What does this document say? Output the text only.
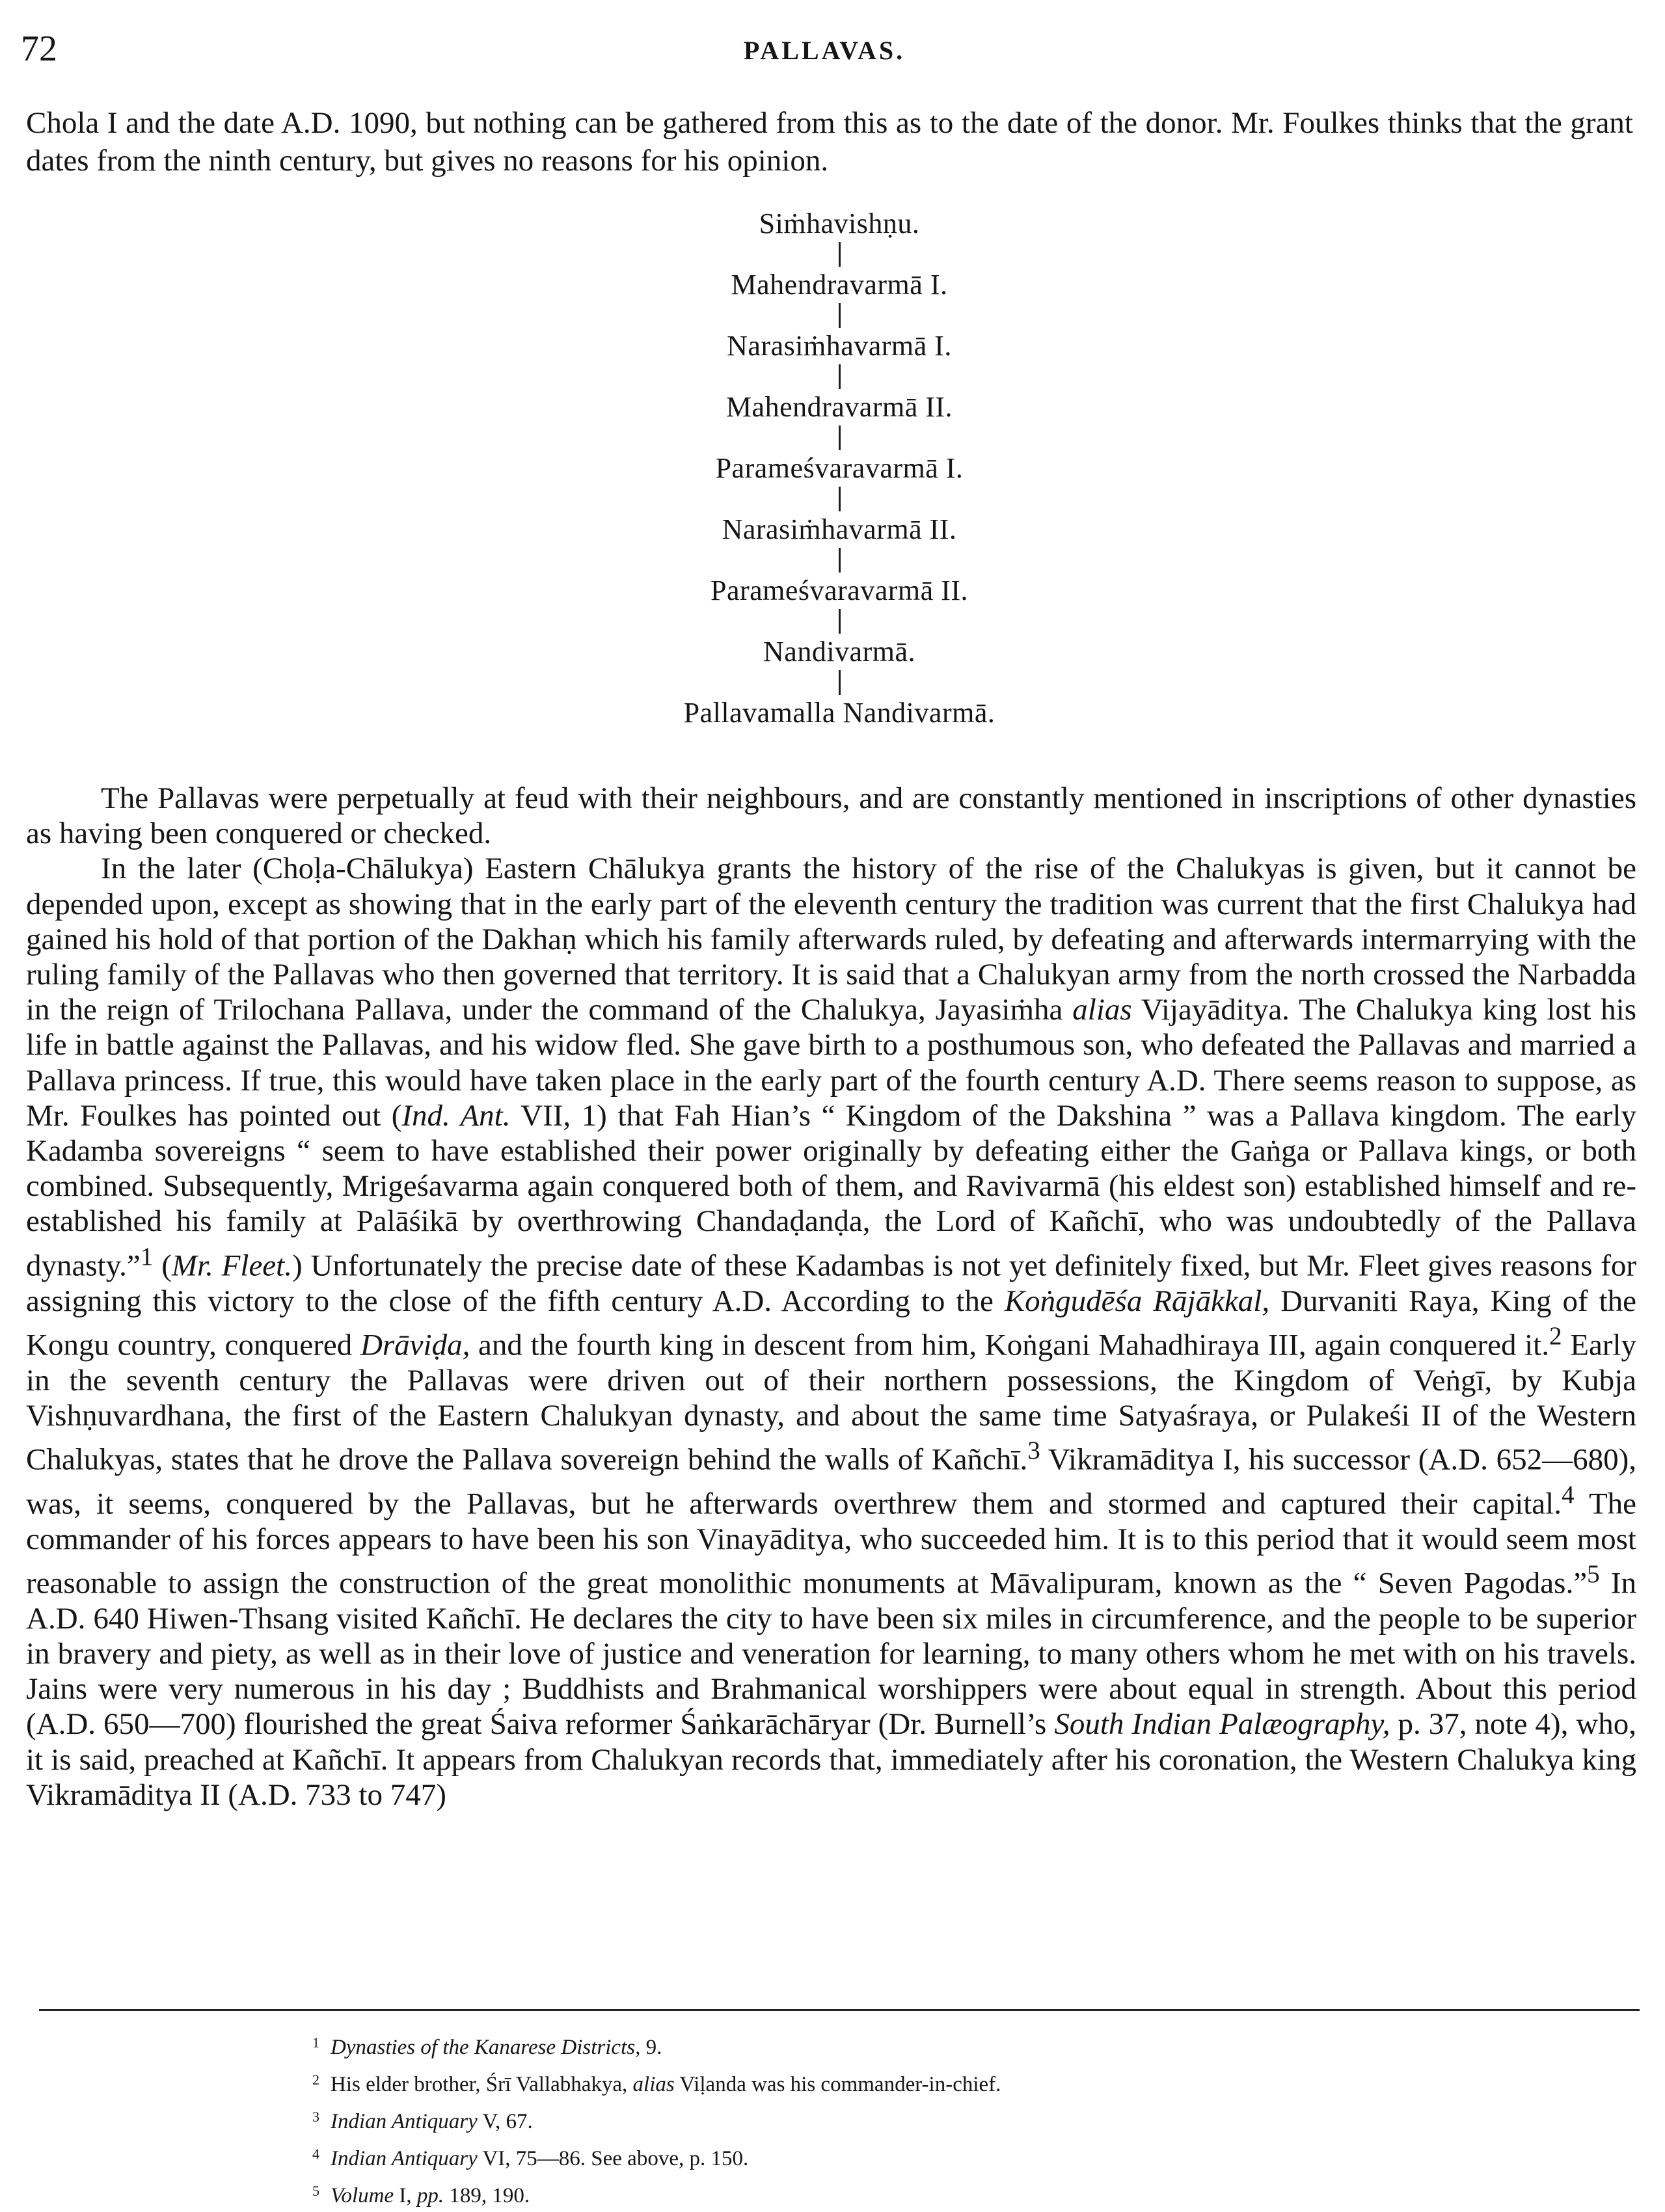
72	PALLAVAS.

Chola I and the date A.D. 1090, but nothing can be gathered from this as to the date of the donor. Mr. Foulkes thinks that the grant dates from the ninth century, but gives no reasons for his opinion.

Siṁhavishṇu.
Mahendravarmā I.
Narasiṁhavarmā I.
Mahendravarmā II.
Parameśvaravarmā I.
Narasiṁhavarmā II.
Parameśvaravarmā II.
Nandivarmā.
Pallavamalla Nandivarmā.

The Pallavas were perpetually at feud with their neighbours, and are constantly mentioned in inscriptions of other dynasties as having been conquered or checked.

In the later (Choḷa-Chālukya) Eastern Chālukya grants the history of the rise of the Chalukyas is given, but it cannot be depended upon, except as showing that in the early part of the eleventh century the tradition was current that the first Chalukya had gained his hold of that portion of the Dakhaṇ which his family afterwards ruled, by defeating and afterwards intermarrying with the ruling family of the Pallavas who then governed that territory. It is said that a Chalukyan army from the north crossed the Narbadda in the reign of Trilochana Pallava, under the command of the Chalukya, Jayasiṁha alias Vijayāditya. The Chalukya king lost his life in battle against the Pallavas, and his widow fled. She gave birth to a posthumous son, who defeated the Pallavas and married a Pallava princess. If true, this would have taken place in the early part of the fourth century A.D. There seems reason to suppose, as Mr. Foulkes has pointed out (Ind. Ant. VII, 1) that Fah Hian’s “ Kingdom of the Dakshina ” was a Pallava kingdom. The early Kadamba sovereigns “ seem to have established their power originally by defeating either the Gaṅga or Pallava kings, or both combined. Subsequently, Mrigeśavarma again conquered both of them, and Ravivarmā (his eldest son) established himself and re-established his family at Palāśikā by overthrowing Chandaḍanḍa, the Lord of Kañchī, who was undoubtedly of the Pallava dynasty.”$^1$ (Mr. Fleet.) Unfortunately the precise date of these Kadambas is not yet definitely fixed, but Mr. Fleet gives reasons for assigning this victory to the close of the fifth century A.D. According to the Koṅgudēśa Rājākkal, Durvaniti Raya, King of the Kongu country, conquered Drāviḍa, and the fourth king in descent from him, Koṅgani Mahadhiraya III, again conquered it.$^2$ Early in the seventh century the Pallavas were driven out of their northern possessions, the Kingdom of Veṅgī, by Kubja Vishṇuvardhana, the first of the Eastern Chalukyan dynasty, and about the same time Satyaśraya, or Pulakeśi II of the Western Chalukyas, states that he drove the Pallava sovereign behind the walls of Kañchī.$^3$ Vikramāditya I, his successor (A.D. 652—680), was, it seems, conquered by the Pallavas, but he afterwards overthrew them and stormed and captured their capital.$^4$ The commander of his forces appears to have been his son Vinayāditya, who succeeded him. It is to this period that it would seem most reasonable to assign the construction of the great monolithic monuments at Māvalipuram, known as the “ Seven Pagodas.”$^5$ In A.D. 640 Hiwen-Thsang visited Kañchī. He declares the city to have been six miles in circumference, and the people to be superior in bravery and piety, as well as in their love of justice and veneration for learning, to many others whom he met with on his travels. Jains were very numerous in his day ; Buddhists and Brahmanical worshippers were about equal in strength. About this period (A.D. 650—700) flourished the great Śaiva reformer Śaṅkarāchāryar (Dr. Burnell’s South Indian Palæography, p. 37, note 4), who, it is said, preached at Kañchī. It appears from Chalukyan records that, immediately after his coronation, the Western Chalukya king Vikramāditya II (A.D. 733 to 747)

1 Dynasties of the Kanarese Districts, 9.
2 His elder brother, Śrī Vallabhakya, alias Viḷanda was his commander-in-chief.
3 Indian Antiquary V, 67.
4 Indian Antiquary VI, 75—86. See above, p. 150.
5 Volume I, pp. 189, 190.
